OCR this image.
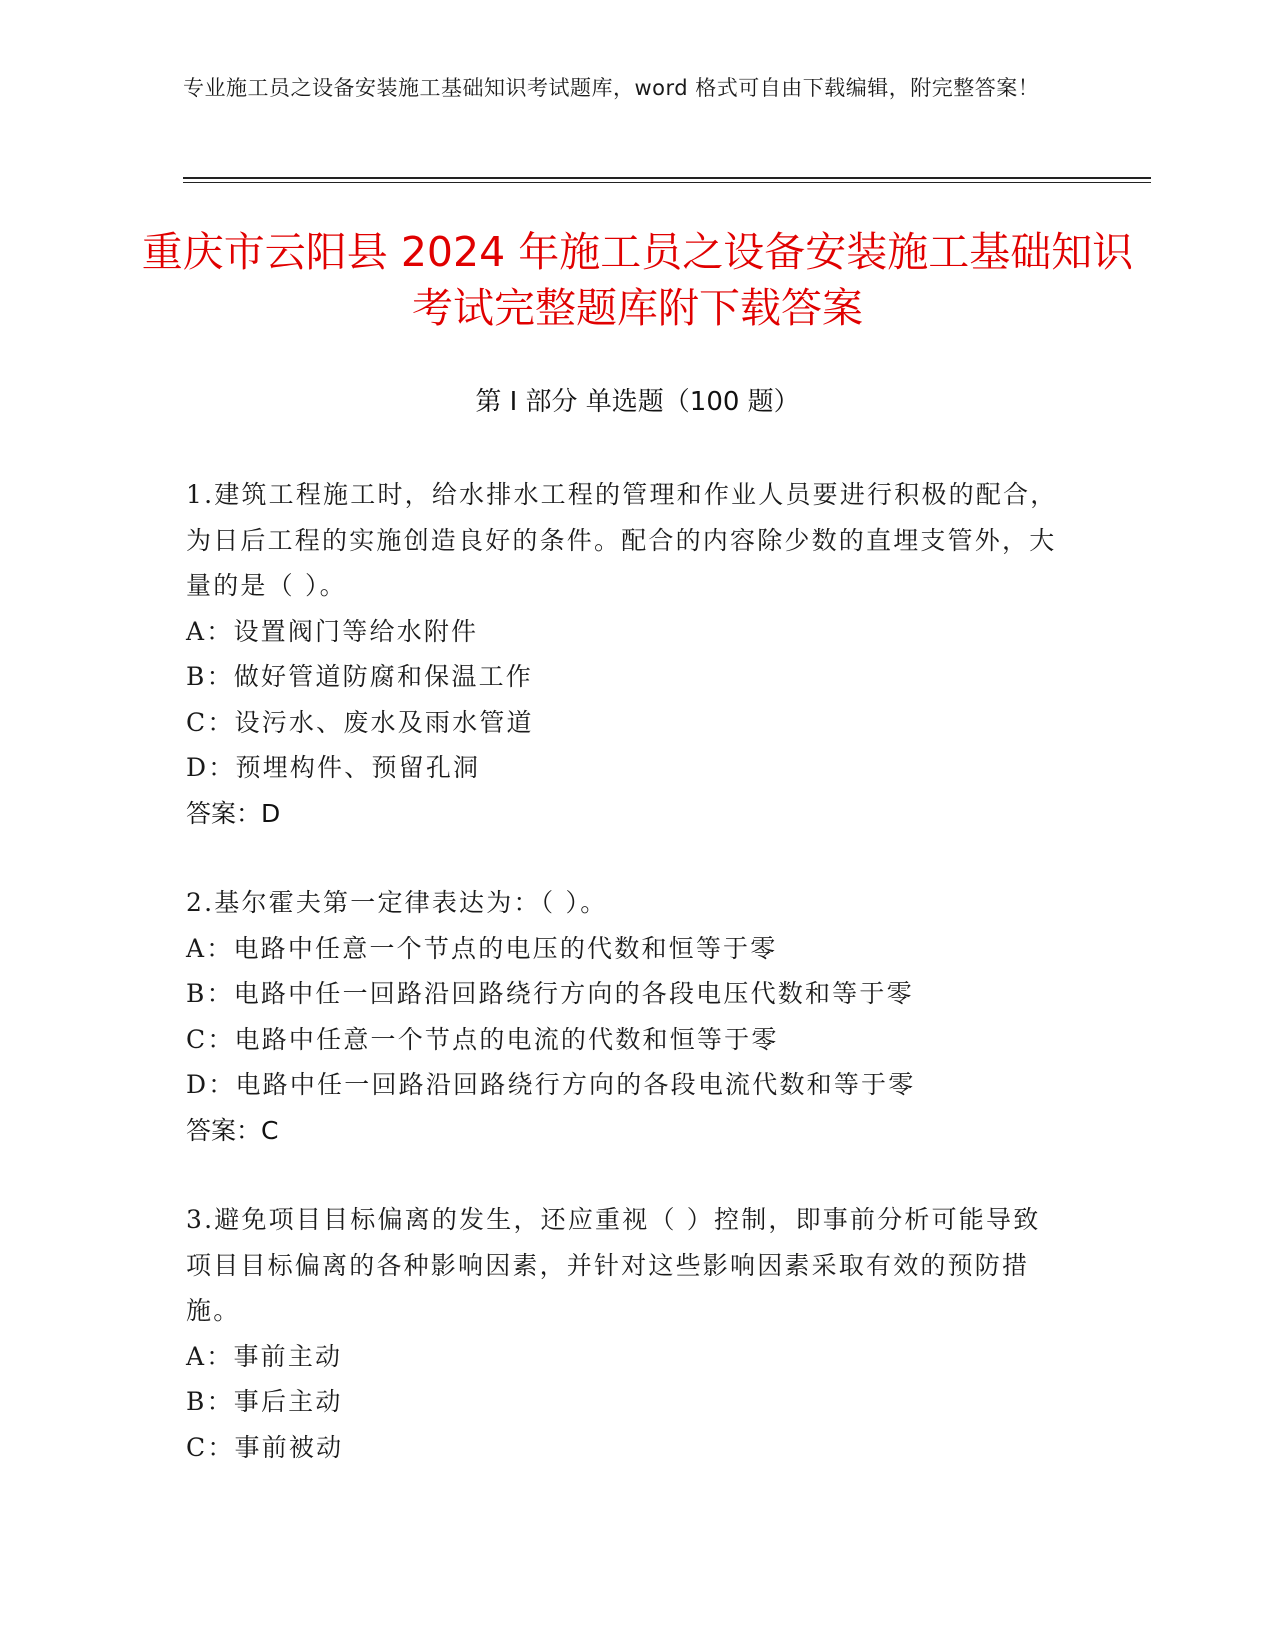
专业施工员之设备安装施工基础知识考试题库，word 格式可自由下载编辑，附完整答案！
重庆市云阳县 2024 年施工员之设备安装施工基础知识考试完整题库附下载答案
第 I 部分 单选题（100 题）
1.建筑工程施工时，给水排水工程的管理和作业人员要进行积极的配合，为日后工程的实施创造良好的条件。配合的内容除少数的直埋支管外，大量的是（ ）。
A：设置阀门等给水附件
B：做好管道防腐和保温工作
C：设污水、废水及雨水管道
D：预埋构件、预留孔洞
答案：D
2.基尔霍夫第一定律表达为：（ ）。
A：电路中任意一个节点的电压的代数和恒等于零
B：电路中任一回路沿回路绕行方向的各段电压代数和等于零
C：电路中任意一个节点的电流的代数和恒等于零
D：电路中任一回路沿回路绕行方向的各段电流代数和等于零
答案：C
3.避免项目目标偏离的发生，还应重视（ ）控制，即事前分析可能导致项目目标偏离的各种影响因素，并针对这些影响因素采取有效的预防措施。
A：事前主动
B：事后主动
C：事前被动
